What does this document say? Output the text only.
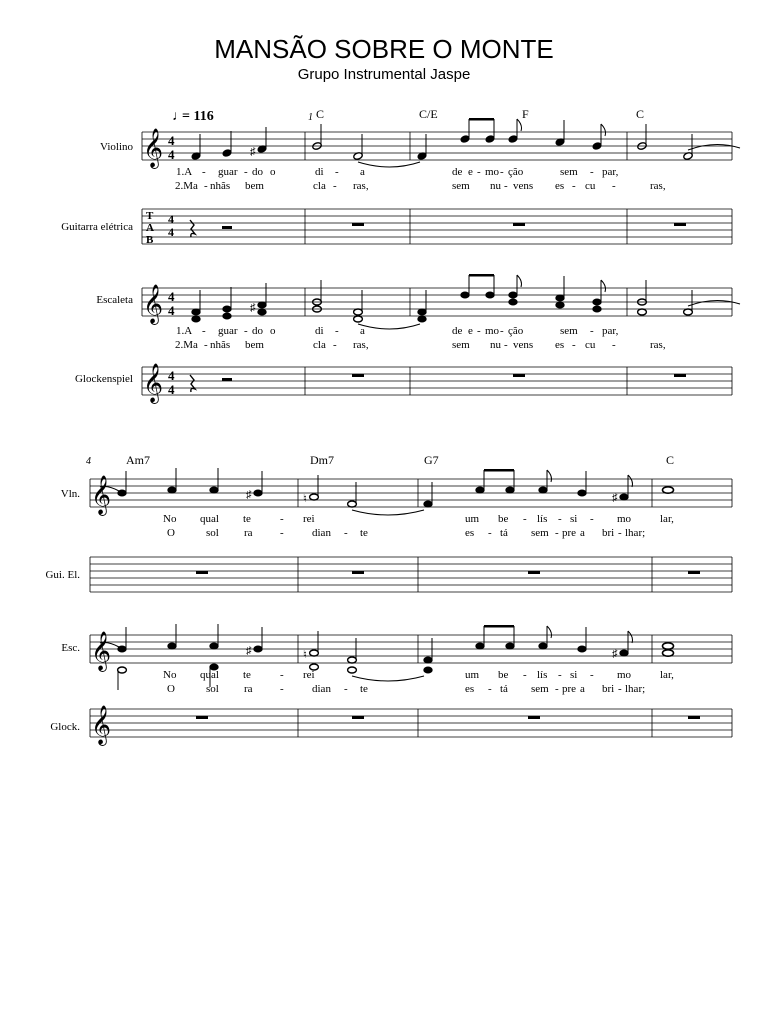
MANSÃO SOBRE O MONTE
Grupo Instrumental Jaspe
♩
= 116	1 C	C/E	F	C
Violino
Guitarra elétrica
Escaleta
Glockenspiel
𝄞 4
4	♯
1.A - guar - do o	di - a	de e - mo - ção	sem - par,
2.Ma - nhãs bem	cla - ras,	sem nu - vens es - cu -	ras,
T
A
B
4
4
𝄞 4
4	♯
1.A - guar - do o	di - a	de e - mo - ção	sem - par,
2.Ma - nhãs bem	cla - ras,	sem nu - vens es - cu -	ras,
𝄞 4
4
4	Am7	Dm7	G7	C
Vln.
Gui. El.
Esc.
Glock.
𝄞	♯	♮	♯
No qual te	- rei	um be - lís - si - mo	lar,
O	sol ra -	dian - te	es - tá sem - pre a bri - lhar;
𝄞	♯	♮	♯
No qual te	- rei	um be - lís - si - mo	lar,
O	sol ra -	dian - te	es - tá sem - pre a bri - lhar;
𝄞
